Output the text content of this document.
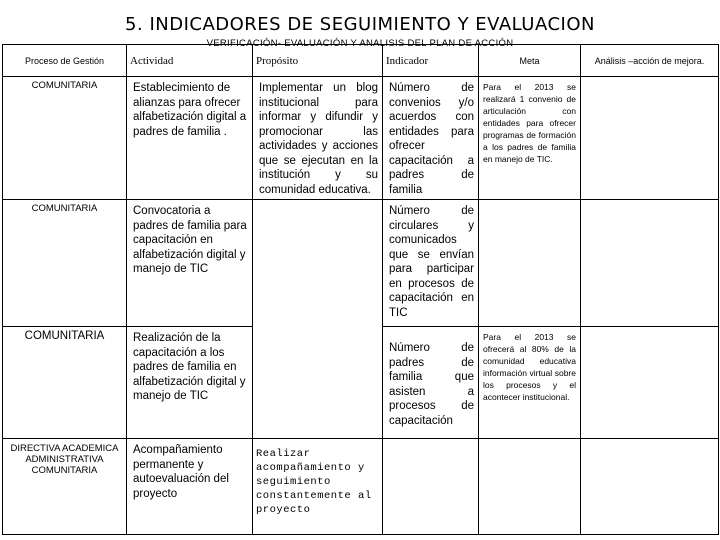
5. INDICADORES DE SEGUIMIENTO Y EVALUACION
VERIFICACIÓN- EVALUACIÓN Y ANALISIS DEL PLAN DE ACCIÓN
Proceso de Gestión	Actividad	Propósito	Indicador	Meta	Análisis –acción de mejora.
COMUNITARIA	Establecimiento de alianzas para ofrecer alfabetización digital a padres de familia .	Implementar un blog institucional para informar y difundir y promocionar las actividades y acciones que se ejecutan en la institución y su comunidad educativa.	Número de convenios y/o acuerdos con entidades para ofrecer capacitación a padres de familia	Para el 2013 se realizará 1 convenio de articulación con entidades para ofrecer programas de formación a los padres de familia en manejo de TIC.	
COMUNITARIA	Convocatoria a padres de familia para capacitación en alfabetización digital y manejo de TIC		Número de circulares y comunicados que se envían para participar en procesos de capacitación en TIC		
COMUNITARIA	Realización de la capacitación a los padres de familia en alfabetización digital y manejo de TIC		Número de padres de familia que asisten a procesos de capacitación	Para el 2013 se ofrecerá al 80% de la comunidad educativa información virtual sobre los procesos y el acontecer institucional.	
DIRECTIVA ACADEMICA ADMINISTRATIVA COMUNITARIA	Acompañamiento permanente y autoevaluación del proyecto	Realizar acompañamiento y seguimiento constantemente al proyecto			
